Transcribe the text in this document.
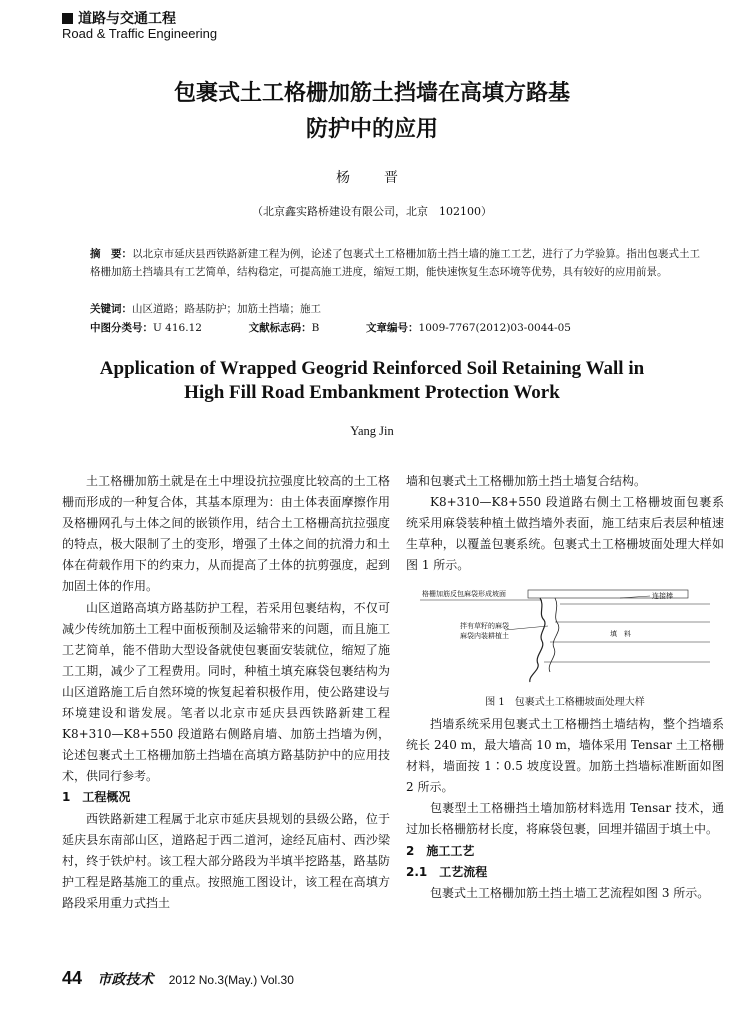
道路与交通工程
Road & Traffic Engineering
包裹式土工格栅加筋土挡墙在高填方路基
防护中的应用
杨　晋
（北京鑫实路桥建设有限公司，北京　102100）
摘　要：以北京市延庆县西铁路新建工程为例，论述了包裹式土工格栅加筋土挡土墙的施工工艺，进行了力学验算。指出包裹式土工格栅加筋土挡墙具有工艺简单，结构稳定，可提高施工进度，缩短工期，能快速恢复生态环境等优势，具有较好的应用前景。
关键词：山区道路；路基防护；加筋土挡墙；施工
中图分类号：U 416.12	文献标志码：B	文章编号：1009-7767(2012)03-0044-05
Application of Wrapped Geogrid Reinforced Soil Retaining Wall in
High Fill Road Embankment Protection Work
Yang Jin

土工格栅加筋土就是在土中埋设抗拉强度比较高的土工格栅而形成的一种复合体，其基本原理为：由土体表面摩擦作用及格栅网孔与土体之间的嵌锁作用，结合土工格栅高抗拉强度的特点，极大限制了土的变形，增强了土体之间的抗滑力和土体在荷载作用下的约束力，从而提高了土体的抗剪强度，起到加固土体的作用。

山区道路高填方路基防护工程，若采用包裹结构，不仅可减少传统加筋土工程中面板预制及运输带来的问题，而且施工工艺简单，能不借助大型设备就使包裹面安装就位，缩短了施工工期，减少了工程费用。同时，种植土填充麻袋包裹结构为山区道路施工后自然环境的恢复起着积极作用，使公路建设与环境建设和谐发展。笔者以北京市延庆县西铁路新建工程 K8+310—K8+550 段道路右侧路肩墙、加筋土挡墙为例，论述包裹式土工格栅加筋土挡墙在高填方路基防护中的应用技术，供同行参考。

1　工程概况

西铁路新建工程属于北京市延庆县规划的县级公路，位于延庆县东南部山区，道路起于西二道河，途经瓦庙村、西沙梁村，终于铁炉村。该工程大部分路段为半填半挖路基，路基防护工程是路基施工的重点。按照施工图设计，该工程在高填方路段采用重力式挡土

墙和包裹式土工格栅加筋土挡土墙复合结构。

K8+310—K8+550 段道路右侧土工格栅坡面包裹系统采用麻袋装种植土做挡墙外表面，施工结束后表层种植速生草种，以覆盖包裹系统。包裹式土工格栅坡面处理大样如图 1 所示。

格栅加筋反包麻袋形成坡面	连接棒
拌有草籽的麻袋
麻袋内装耕植土	填　料
图 1　包裹式土工格栅坡面处理大样

挡墙系统采用包裹式土工格栅挡土墙结构，整个挡墙系统长 240 m，最大墙高 10 m，墙体采用 Tensar 土工格栅材料，墙面按 1∶0.5 坡度设置。加筋土挡墙标准断面如图 2 所示。

包裹型土工格栅挡土墙加筋材料选用 Tensar 技术，通过加长格栅筋材长度，将麻袋包裹，回埋并锚固于填土中。

2　施工工艺
2.1　工艺流程

包裹式土工格栅加筋土挡土墙工艺流程如图 3 所示。

44 市政技术 2012 No.3(May.) Vol.30
